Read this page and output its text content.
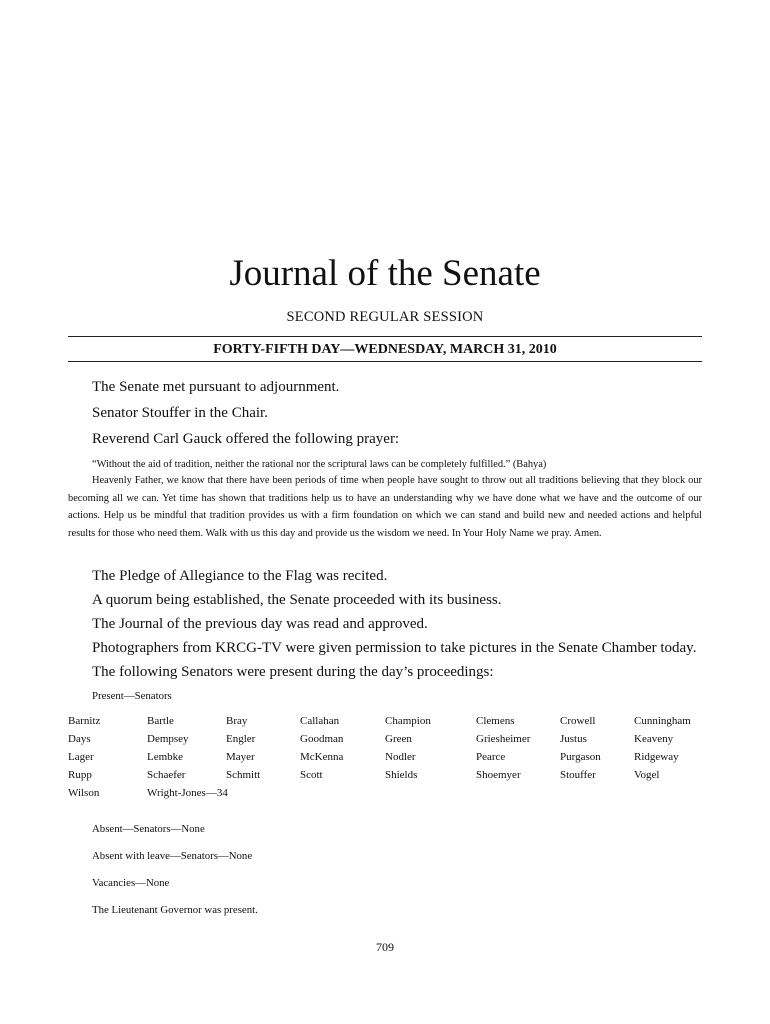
Journal of the Senate
SECOND REGULAR SESSION
FORTY-FIFTH DAY—WEDNESDAY, MARCH 31, 2010
The Senate met pursuant to adjournment.
Senator Stouffer in the Chair.
Reverend Carl Gauck offered the following prayer:
“Without the aid of tradition, neither the rational nor the scriptural laws can be completely fulfilled.” (Bahya)
Heavenly Father, we know that there have been periods of time when people have sought to throw out all traditions believing that they block our becoming all we can. Yet time has shown that traditions help us to have an understanding why we have done what we have and the outcome of our actions. Help us be mindful that tradition provides us with a firm foundation on which we can stand and build new and needed actions and helpful results for those who need them. Walk with us this day and provide us the wisdom we need. In Your Holy Name we pray. Amen.
The Pledge of Allegiance to the Flag was recited.
A quorum being established, the Senate proceeded with its business.
The Journal of the previous day was read and approved.
Photographers from KRCG-TV were given permission to take pictures in the Senate Chamber today.
The following Senators were present during the day’s proceedings:
Present—Senators
Barnitz	Bartle	Bray	Callahan	Champion	Clemens	Crowell	Cunningham
Days	Dempsey	Engler	Goodman	Green	Griesheimer	Justus	Keaveny
Lager	Lembke	Mayer	McKenna	Nodler	Pearce	Purgason	Ridgeway
Rupp	Schaefer	Schmitt	Scott	Shields	Shoemyer	Stouffer	Vogel
Wilson	Wright-Jones—34
Absent—Senators—None
Absent with leave—Senators—None
Vacancies—None
The Lieutenant Governor was present.
709
